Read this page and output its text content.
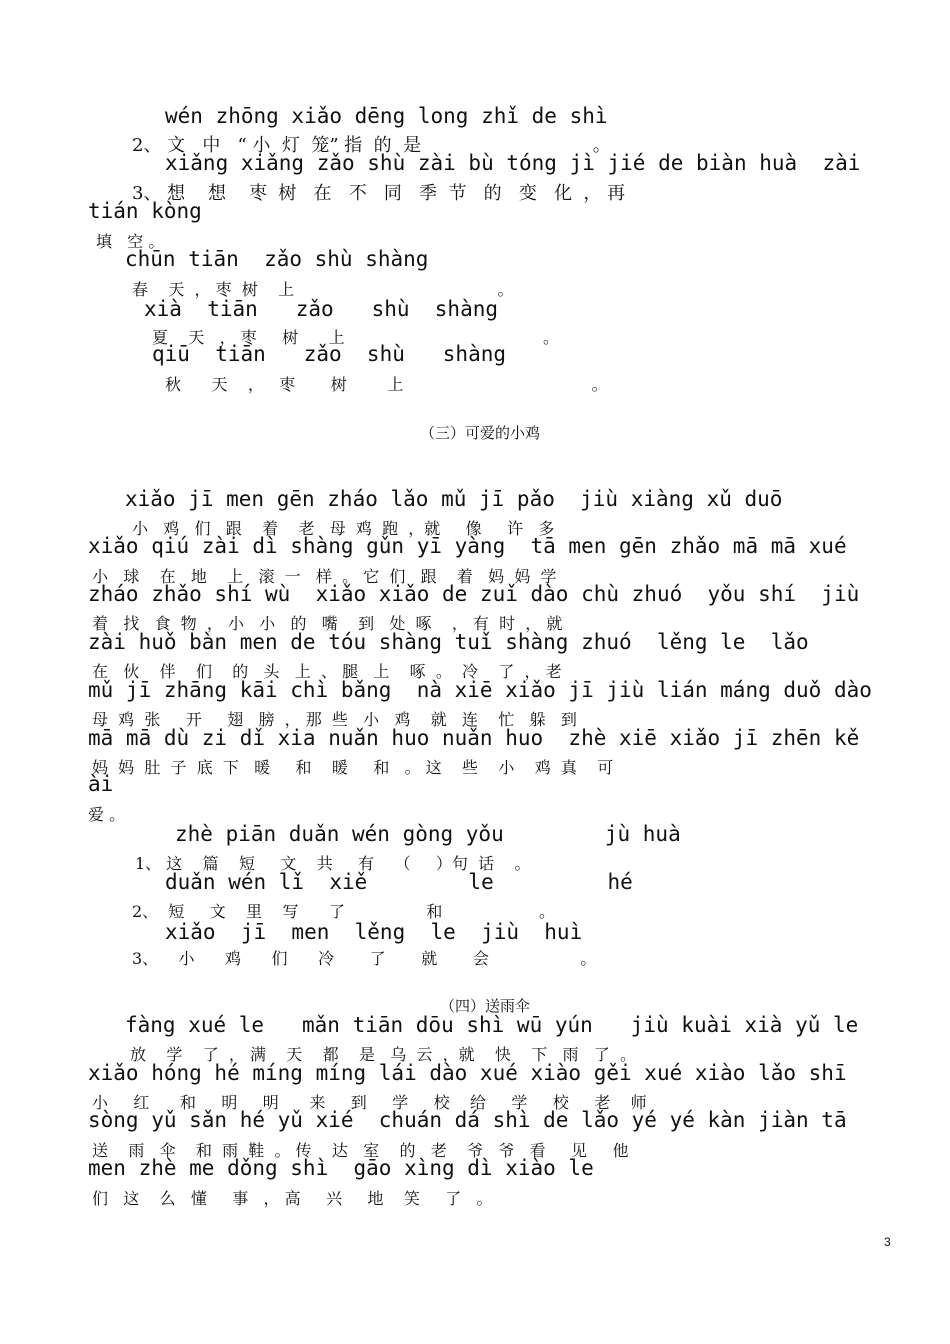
wén zhōng xiǎo dēng long zhǐ de shì
2、 文   中   “ 小  灯  笼” 指  的  是                              。
xiǎng xiǎng zǎo shù zài bù tóng jì jié de biàn huà  zài
3、 想    想    枣  树   在   不   同   季  节   的   变   化  ， 再
tián kòng
填   空 。
chūn tiān  zǎo shù shàng
春    天  ， 枣  树    上                                        。
xià  tiān   zǎo   shù  shàng
夏    天   ， 枣     树      上                                       。
qiū  tiān   zǎo  shù   shàng
秋      天    ，   枣       树        上                                     。
（三）可爱的小鸡
xiǎo jī men gēn zháo lǎo mǔ jī pǎo  jiù xiàng xǔ duō
小   鸡   们   跟    着    老   母  鸡  跑  ，就     像     许   多
xiǎo qiú zài dì shàng gǔn yī yàng  tā men gēn zhǎo mā mā xué
小   球    在   地    上   滚  一   样  。 它  们   跟    着   妈  妈  学
zháo zhǎo shí wù  xiǎo xiǎo de zuǐ dào chù zhuó  yǒu shí  jiù
着   找   食  物  ， 小   小   的   嘴    到   处  啄    ， 有  时  ， 就
zài huǒ bàn men de tóu shàng tuǐ shàng zhuó  lěng le  lǎo
在   伙    伴    们    的   头   上  、 腿   上    啄  。  冷    了  ， 老
mǔ jī zhāng kāi chì bǎng  nà xiē xiǎo jī jiù lián máng duǒ dào
母  鸡  张     开     翅   膀  ， 那  些   小   鸡    就   连    忙   躲   到
mā mā dù zi dǐ xia nuǎn huo nuǎn huo  zhè xiē xiǎo jī zhēn kě
妈  妈  肚  子  底  下   暖     和    暖     和   。 这    些    小    鸡  真    可
ài
爱 。
zhè piān duǎn wén gòng yǒu        jù huà
1、 这    篇    短     文    共     有    （     ）句  话    。
duǎn wén lǐ  xiě        le         hé
2、  短     文    里    写      了                和                   。
xiǎo  jī  men  lěng  le  jiù  huì
3、    小      鸡      们      冷       了       就       会                  。
（四）送雨伞
fàng xué le   mǎn tiān dōu shì wū yún   jiù kuài xià yǔ le
放    学    了  ， 满    天    都    是   乌  云  ，就    快    下   雨   了  。
xiǎo hóng hé míng míng lái dào xué xiào gěi xué xiào lǎo shī
小     红      和     明     明      来     到     学     校    给     学     校     老    师
sòng yǔ sǎn hé yǔ xié  chuán dá shì de lǎo yé yé kàn jiàn tā
送    雨   伞    和  雨  鞋  。 传    达   室    的   老    爷   爷   看     见     他
men zhè me dǒng shì  gāo xìng dì xiào le
们   这    么   懂     事   ， 高     兴     地    笑     了   。
3
